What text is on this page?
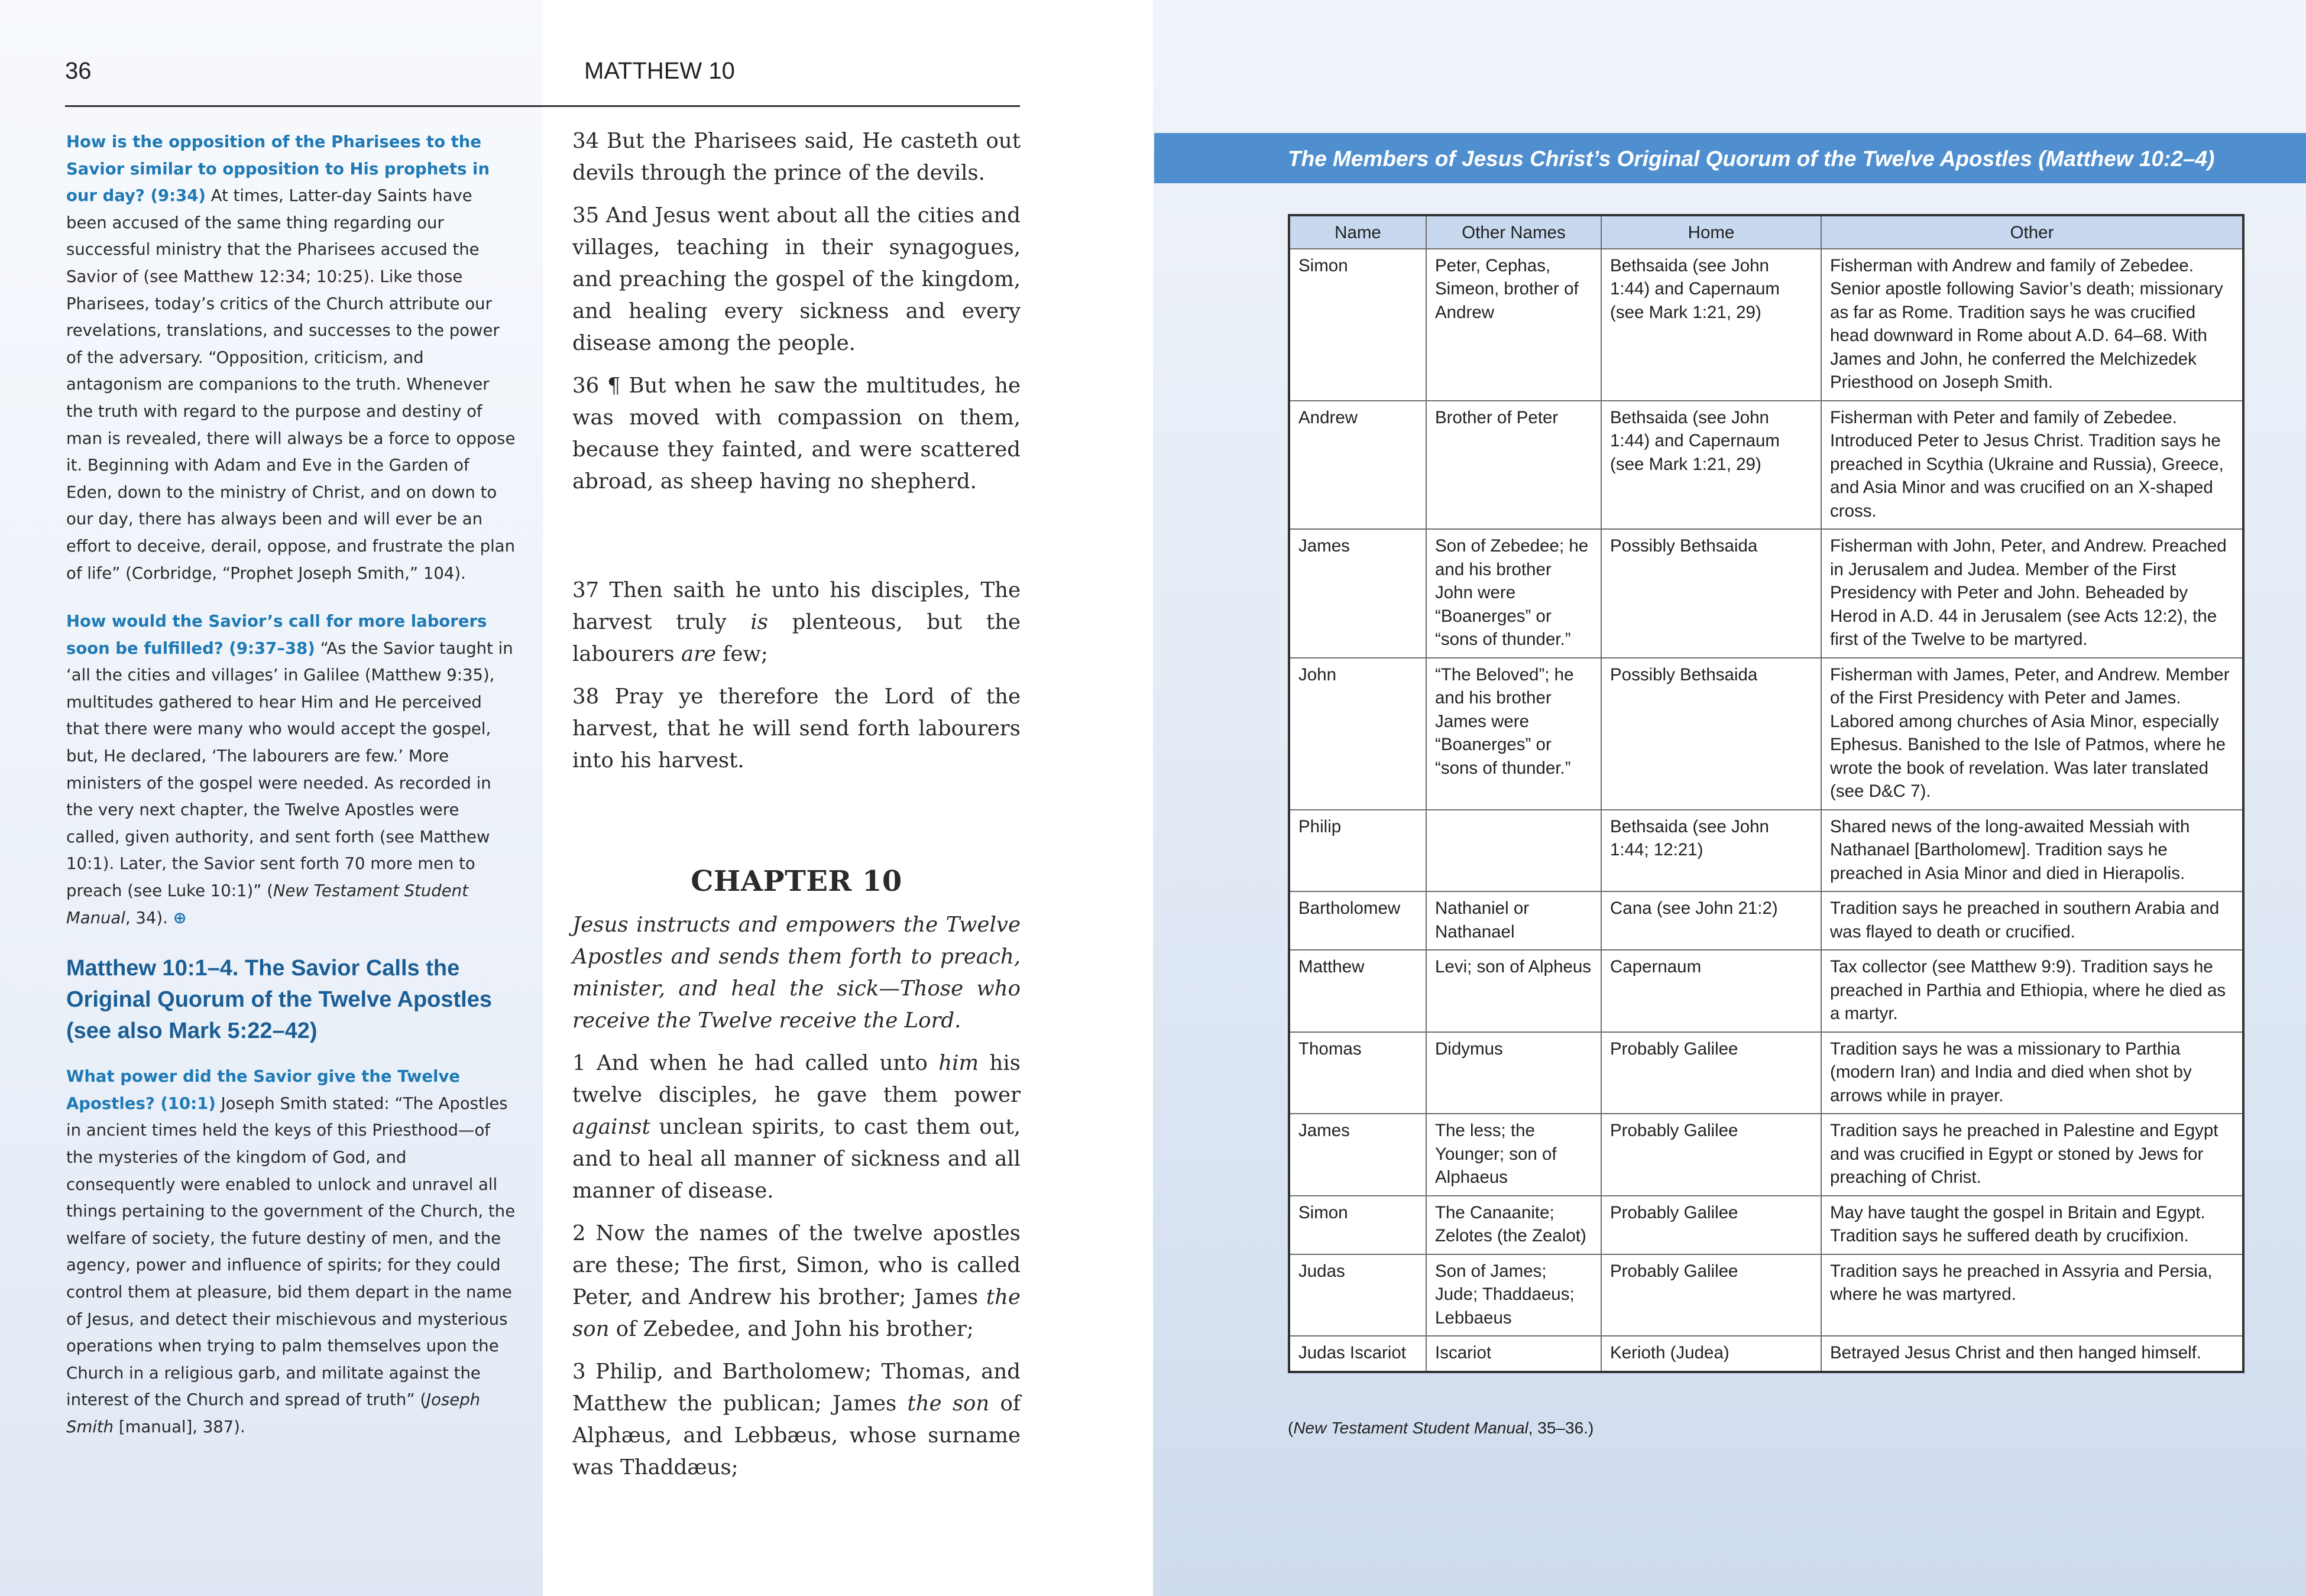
36	MATTHEW 10

How is the opposition of the Pharisees to the Savior similar to opposition to His prophets in our day? (9:34) At times, Latter-day Saints have been accused of the same thing regarding our successful ministry that the Pharisees accused the Savior of (see Matthew 12:34; 10:25). Like those Pharisees, today’s critics of the Church attribute our revelations, translations, and successes to the power of the adversary. “Opposition, criticism, and antagonism are companions to the truth. Whenever the truth with regard to the purpose and destiny of man is revealed, there will always be a force to oppose it. Beginning with Adam and Eve in the Garden of Eden, down to the ministry of Christ, and on down to our day, there has always been and will ever be an effort to deceive, derail, oppose, and frustrate the plan of life” (Corbridge, “Prophet Joseph Smith,” 104).

How would the Savior’s call for more laborers soon be fulfilled? (9:37–38) “As the Savior taught in ‘all the cities and villages’ in Galilee (Matthew 9:35), multitudes gathered to hear Him and He perceived that there were many who would accept the gospel, but, He declared, ‘The labourers are few.’ More ministers of the gospel were needed. As recorded in the very next chapter, the Twelve Apostles were called, given authority, and sent forth (see Matthew 10:1). Later, the Savior sent forth 70 more men to preach (see Luke 10:1)” (New Testament Student Manual, 34). ⊕

Matthew 10:1–4. The Savior Calls the Original Quorum of the Twelve Apostles (see also Mark 5:22–42)

What power did the Savior give the Twelve Apostles? (10:1) Joseph Smith stated: “The Apostles in ancient times held the keys of this Priesthood—of the mysteries of the kingdom of God, and consequently were enabled to unlock and unravel all things pertaining to the government of the Church, the welfare of society, the future destiny of men, and the agency, power and influence of spirits; for they could control them at pleasure, bid them depart in the name of Jesus, and detect their mischievous and mysterious operations when trying to palm themselves upon the Church in a religious garb, and militate against the interest of the Church and spread of truth” (Joseph Smith [manual], 387).

34 But the Pharisees said, He casteth out devils through the prince of the devils.

35 And Jesus went about all the cities and villages, teaching in their synagogues, and preaching the gospel of the kingdom, and healing every sickness and every disease among the people.

36 ¶ But when he saw the multitudes, he was moved with compassion on them, because they fainted, and were scattered abroad, as sheep having no shepherd.

37 Then saith he unto his disciples, The harvest truly is plenteous, but the labourers are few;

38 Pray ye therefore the Lord of the harvest, that he will send forth labourers into his harvest.

CHAPTER 10

Jesus instructs and empowers the Twelve Apostles and sends them forth to preach, minister, and heal the sick—Those who receive the Twelve receive the Lord.

1 And when he had called unto him his twelve disciples, he gave them power against unclean spirits, to cast them out, and to heal all manner of sickness and all manner of disease.

2 Now the names of the twelve apostles are these; The first, Simon, who is called Peter, and Andrew his brother; James the son of Zebedee, and John his brother;

3 Philip, and Bartholomew; Thomas, and Matthew the publican; James the son of Alphæus, and Lebbæus, whose surname was Thaddæus;

The Members of Jesus Christ’s Original Quorum of the Twelve Apostles (Matthew 10:2–4)
Name	Other Names	Home	Other
Simon	Peter, Cephas, Simeon, brother of Andrew	Bethsaida (see John 1:44) and Capernaum (see Mark 1:21, 29)	Fisherman with Andrew and family of Zebedee. Senior apostle following Savior’s death; missionary as far as Rome. Tradition says he was crucified head downward in Rome about A.D. 64–68. With James and John, he conferred the Melchizedek Priesthood on Joseph Smith.
Andrew	Brother of Peter	Bethsaida (see John 1:44) and Capernaum (see Mark 1:21, 29)	Fisherman with Peter and family of Zebedee. Introduced Peter to Jesus Christ. Tradition says he preached in Scythia (Ukraine and Russia), Greece, and Asia Minor and was crucified on an X-shaped cross.
James	Son of Zebedee; he and his brother John were “Boanerges” or “sons of thunder.”	Possibly Bethsaida	Fisherman with John, Peter, and Andrew. Preached in Jerusalem and Judea. Member of the First Presidency with Peter and John. Beheaded by Herod in A.D. 44 in Jerusalem (see Acts 12:2), the first of the Twelve to be martyred.
John	“The Beloved”; he and his brother James were “Boanerges” or “sons of thunder.”	Possibly Bethsaida	Fisherman with James, Peter, and Andrew. Member of the First Presidency with Peter and James. Labored among churches of Asia Minor, especially Ephesus. Banished to the Isle of Patmos, where he wrote the book of revelation. Was later translated (see D&C 7).
Philip		Bethsaida (see John 1:44; 12:21)	Shared news of the long-awaited Messiah with Nathanael [Bartholomew]. Tradition says he preached in Asia Minor and died in Hierapolis.
Bartholomew	Nathaniel or Nathanael	Cana (see John 21:2)	Tradition says he preached in southern Arabia and was flayed to death or crucified.
Matthew	Levi; son of Alpheus	Capernaum	Tax collector (see Matthew 9:9). Tradition says he preached in Parthia and Ethiopia, where he died as a martyr.
Thomas	Didymus	Probably Galilee	Tradition says he was a missionary to Parthia (modern Iran) and India and died when shot by arrows while in prayer.
James	The less; the Younger; son of Alphaeus	Probably Galilee	Tradition says he preached in Palestine and Egypt and was crucified in Egypt or stoned by Jews for preaching of Christ.
Simon	The Canaanite; Zelotes (the Zealot)	Probably Galilee	May have taught the gospel in Britain and Egypt. Tradition says he suffered death by crucifixion.
Judas	Son of James; Jude; Thaddaeus; Lebbaeus	Probably Galilee	Tradition says he preached in Assyria and Persia, where he was martyred.
Judas Iscariot	Iscariot	Kerioth (Judea)	Betrayed Jesus Christ and then hanged himself.
(New Testament Student Manual, 35–36.)
